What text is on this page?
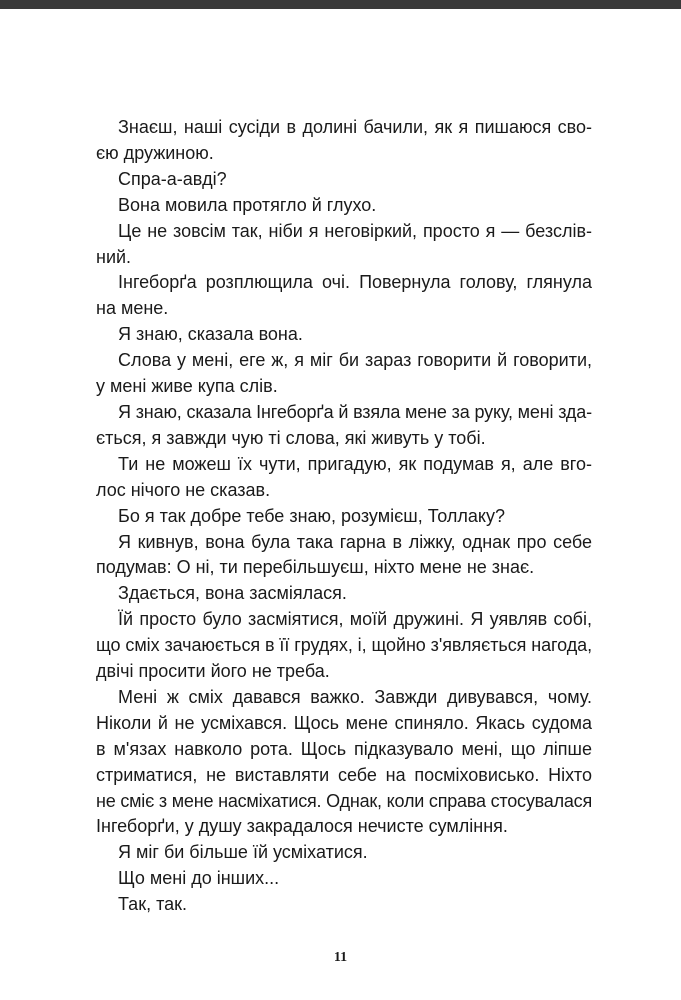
Знаєш, наші сусіди в долині бачили, як я пишаюся сво-
єю дружиною.
Спра-а-авді?
Вона мовила протягло й глухо.
Це не зовсім так, ніби я неговіркий, просто я — безслів-
ний.
Інгеборґа розплющила очі. Повернула голову, глянула
на мене.
Я знаю, сказала вона.
Слова у мені, еге ж, я міг би зараз говорити й говорити,
у мені живе купа слів.
Я знаю, сказала Інгеборґа й взяла мене за руку, мені зда-
ється, я завжди чую ті слова, які живуть у тобі.
Ти не можеш їх чути, пригадую, як подумав я, але вго-
лос нічого не сказав.
Бо я так добре тебе знаю, розумієш, Толлаку?
Я кивнув, вона була така гарна в ліжку, однак про себе
подумав: О ні, ти перебільшуєш, ніхто мене не знає.
Здається, вона засміялася.
Їй просто було засміятися, моїй дружині. Я уявляв собі,
що сміх зачаюється в її грудях, і, щойно з'являється нагода,
двічі просити його не треба.
Мені ж сміх давався важко. Завжди дивувався, чому.
Ніколи й не усміхався. Щось мене спиняло. Якась судома
в м'язах навколо рота. Щось підказувало мені, що ліпше
стриматися, не виставляти себе на посміховисько. Ніхто
не сміє з мене насміхатися. Однак, коли справа стосувалася
Інгеборґи, у душу закрадалося нечисте сумління.
Я міг би більше їй усміхатися.
Що мені до інших...
Так, так.
11
